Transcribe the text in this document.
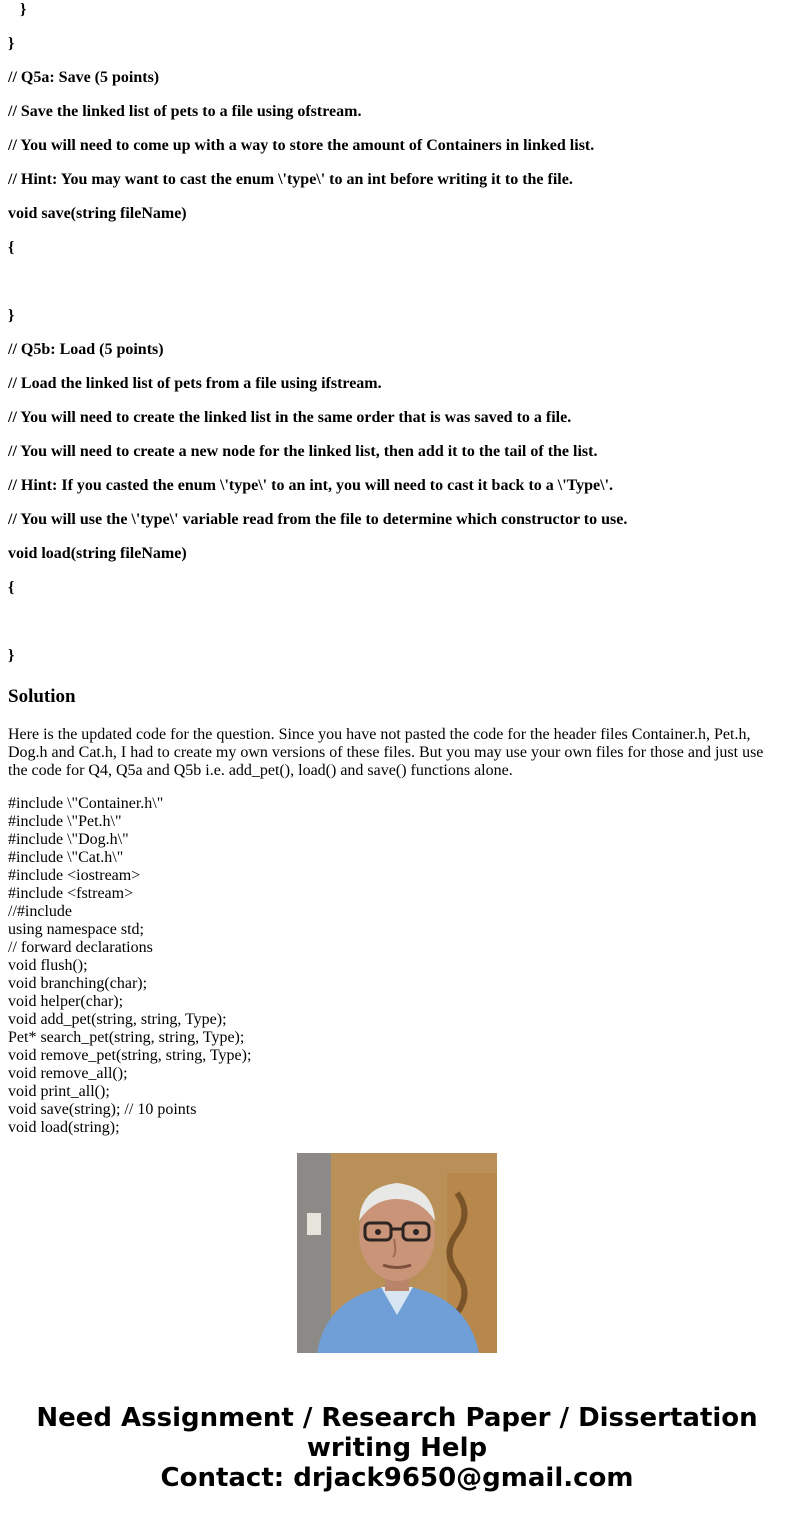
}

}

// Q5a: Save (5 points)

// Save the linked list of pets to a file using ofstream.

// You will need to come up with a way to store the amount of Containers in linked list.

// Hint: You may want to cast the enum \'type\' to an int before writing it to the file.

void save(string fileName)

{

}

// Q5b: Load (5 points)

// Load the linked list of pets from a file using ifstream.

// You will need to create the linked list in the same order that is was saved to a file.

// You will need to create a new node for the linked list, then add it to the tail of the list.

// Hint: If you casted the enum \'type\' to an int, you will need to cast it back to a \'Type\'.

// You will use the \'type\' variable read from the file to determine which constructor to use.

void load(string fileName)

{

}

Solution

Here is the updated code for the question. Since you have not pasted the code for the header files Container.h, Pet.h, Dog.h and Cat.h, I had to create my own versions of these files. But you may use your own files for those and just use the code for Q4, Q5a and Q5b i.e. add_pet(), load() and save() functions alone.

#include \"Container.h\"
#include \"Pet.h\"
#include \"Dog.h\"
#include \"Cat.h\"
#include <iostream>
#include <fstream>
//#include
using namespace std;
// forward declarations
void flush();
void branching(char);
void helper(char);
void add_pet(string, string, Type);
Pet* search_pet(string, string, Type);
void remove_pet(string, string, Type);
void remove_all();
void print_all();
void save(string); // 10 points
void load(string);
Need Assignment / Research Paper / Dissertation
writing Help
Contact: drjack9650@gmail.com
